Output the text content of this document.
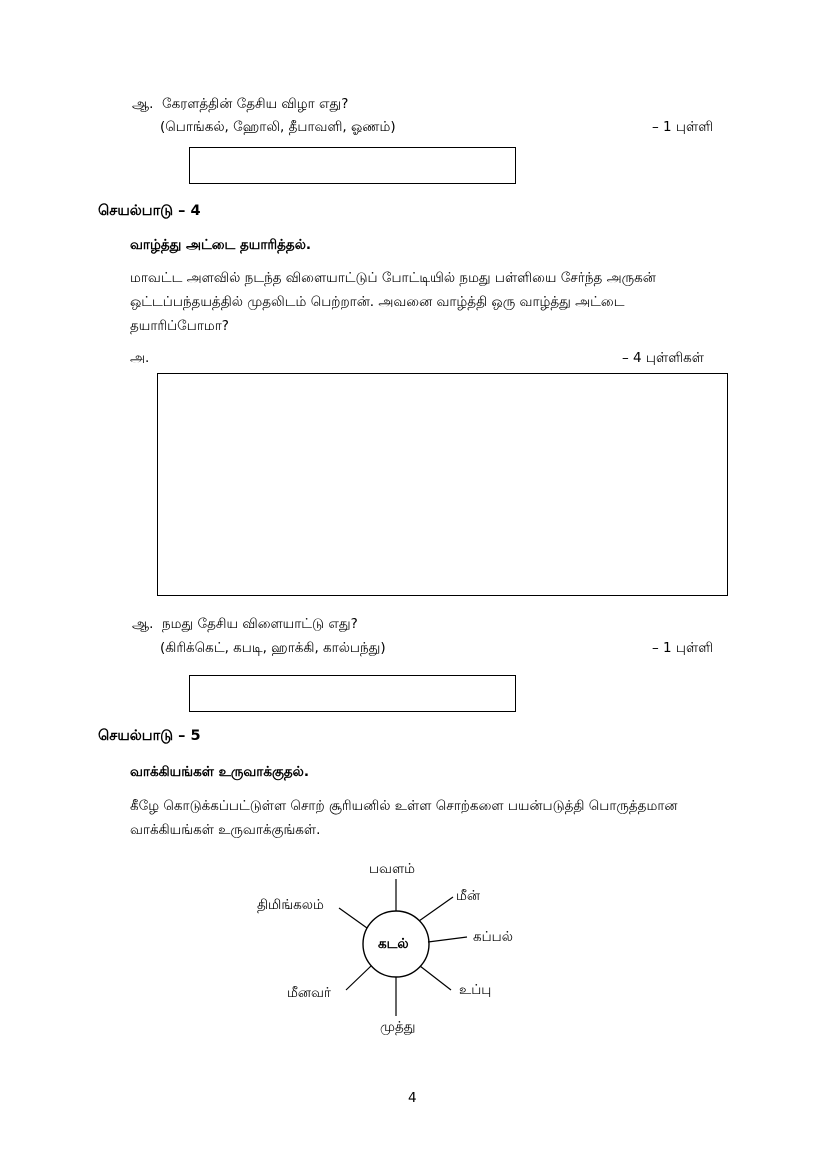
ஆ. கேரளத்தின் தேசிய விழா எது?
(பொங்கல், ஹோலி, தீபாவளி, ஓணம்)	– 1 புள்ளி
செயல்பாடு – 4
வாழ்த்து அட்டை தயாரித்தல்.
மாவட்ட அளவில் நடந்த விளையாட்டுப் போட்டியில் நமது பள்ளியை சேர்ந்த அருகன்
ஒட்டப்பந்தயத்தில் முதலிடம் பெற்றான். அவனை வாழ்த்தி ஒரு வாழ்த்து அட்டை
தயாரிப்போமா?
அ.	– 4 புள்ளிகள்
ஆ. நமது தேசிய விளையாட்டு எது?
(கிரிக்கெட், கபடி, ஹாக்கி, கால்பந்து)	– 1 புள்ளி
செயல்பாடு – 5
வாக்கியங்கள் உருவாக்குதல்.
கீழே கொடுக்கப்பட்டுள்ள சொற் சூரியனில் உள்ள சொற்களை பயன்படுத்தி பொருத்தமான
வாக்கியங்கள் உருவாக்குங்கள்.
கடல்
பவளம்
மீன்
கப்பல்
உப்பு
முத்து
மீனவர்
திமிங்கலம்
4
